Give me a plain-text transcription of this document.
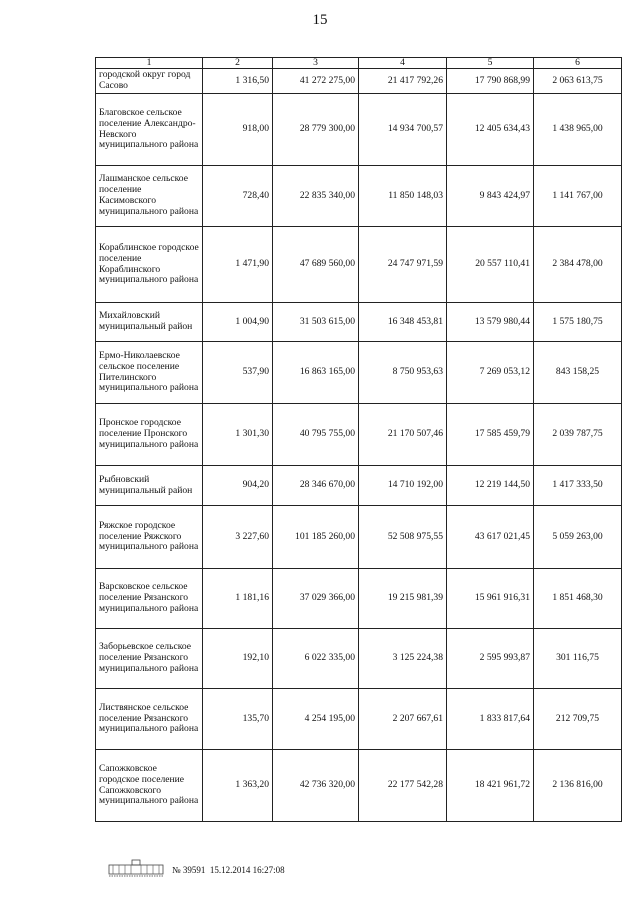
15
1	2	3	4	5	6
городской округ город Сасово	1 316,50	41 272 275,00	21 417 792,26	17 790 868,99	2 063 613,75
Благовское сельское поселение Александро-Невского муниципального района	918,00	28 779 300,00	14 934 700,57	12 405 634,43	1 438 965,00
Лашманское сельское поселение Касимовского муниципального района	728,40	22 835 340,00	11 850 148,03	9 843 424,97	1 141 767,00
Кораблинское городское поселение Кораблинского муниципального района	1 471,90	47 689 560,00	24 747 971,59	20 557 110,41	2 384 478,00
Михайловский муниципальный район	1 004,90	31 503 615,00	16 348 453,81	13 579 980,44	1 575 180,75
Ермо-Николаевское сельское поселение Пителинского муниципального района	537,90	16 863 165,00	8 750 953,63	7 269 053,12	843 158,25
Пронское городское поселение Пронского муниципального района	1 301,30	40 795 755,00	21 170 507,46	17 585 459,79	2 039 787,75
Рыбновский муниципальный район	904,20	28 346 670,00	14 710 192,00	12 219 144,50	1 417 333,50
Ряжское городское поселение Ряжского муниципального района	3 227,60	101 185 260,00	52 508 975,55	43 617 021,45	5 059 263,00
Варсковское сельское поселение Рязанского муниципального района	1 181,16	37 029 366,00	19 215 981,39	15 961 916,31	1 851 468,30
Заборьевское сельское поселение Рязанского муниципального района	192,10	6 022 335,00	3 125 224,38	2 595 993,87	301 116,75
Листвянское сельское поселение Рязанского муниципального района	135,70	4 254 195,00	2 207 667,61	1 833 817,64	212 709,75
Сапожковское городское поселение Сапожковского муниципального района	1 363,20	42 736 320,00	22 177 542,28	18 421 961,72	2 136 816,00
№ 39591  15.12.2014 16:27:08
